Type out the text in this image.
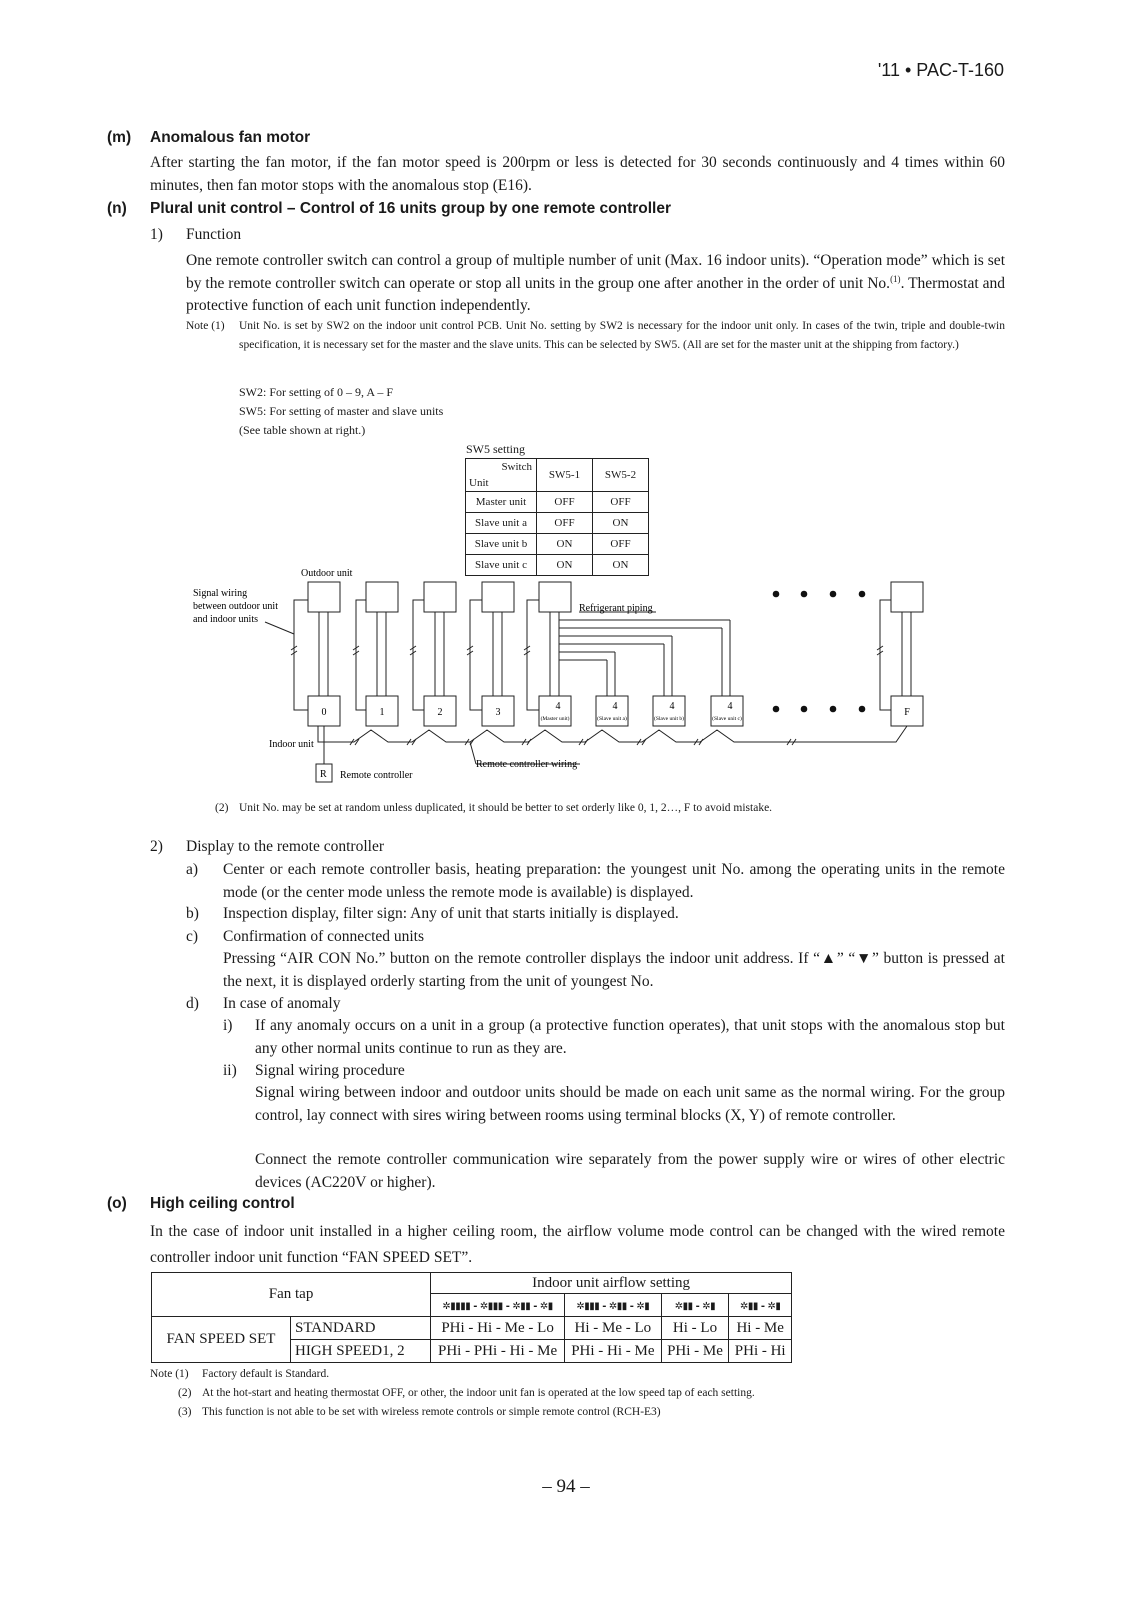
'11 • PAC-T-160
(m) Anomalous fan motor
After starting the fan motor, if the fan motor speed is 200rpm or less is detected for 30 seconds continuously and 4 times within 60 minutes, then fan motor stops with the anomalous stop (E16).
(n) Plural unit control – Control of 16 units group by one remote controller
1) Function
One remote controller switch can control a group of multiple number of unit (Max. 16 indoor units). “Operation mode” which is set by the remote controller switch can operate or stop all units in the group one after another in the order of unit No.$^{(1)}$. Thermostat and protective function of each unit function independently.
Note (1) Unit No. is set by SW2 on the indoor unit control PCB. Unit No. setting by SW2 is necessary for the indoor unit only. In cases of the twin, triple and double-twin specification, it is necessary set for the master and the slave units. This can be selected by SW5. (All are set for the master unit at the shipping from factory.)
SW2: For setting of 0 – 9, A – F
SW5: For setting of master and slave units
(See table shown at right.)
SW5 setting
Switch
Unit	SW5-1	SW5-2
Master unit	OFF	OFF
Slave unit a	OFF	ON
Slave unit b	ON	OFF
Slave unit c	ON	ON
Outdoor unit
Signal wiring
between outdoor unit
and indoor units
Refrigerant piping
Indoor unit
R Remote controller
Remote controller wiring
0	1	2	3
4	4	4	4
F
(Master unit)	(Slave unit a)	(Slave unit b)	(Slave unit c)
(2) Unit No. may be set at random unless duplicated, it should be better to set orderly like 0, 1, 2…, F to avoid mistake.
2) Display to the remote controller
a) Center or each remote controller basis, heating preparation: the youngest unit No. among the operating units in the remote mode (or the center mode unless the remote mode is available) is displayed.
b) Inspection display, filter sign: Any of unit that starts initially is displayed.
c) Confirmation of connected units
Pressing “AIR CON No.” button on the remote controller displays the indoor unit address. If “▲” “▼” button is pressed at the next, it is displayed orderly starting from the unit of youngest No.
d) In case of anomaly
i) If any anomaly occurs on a unit in a group (a protective function operates), that unit stops with the anomalous stop but any other normal units continue to run as they are.
ii) Signal wiring procedure
Signal wiring between indoor and outdoor units should be made on each unit same as the normal wiring. For the group control, lay connect with sires wiring between rooms using terminal blocks (X, Y) of remote controller.
Connect the remote controller communication wire separately from the power supply wire or wires of other electric devices (AC220V or higher).
(o) High ceiling control
In the case of indoor unit installed in a higher ceiling room, the airflow volume mode control can be changed with the wired remote controller indoor unit function “FAN SPEED SET”.
Fan tap		Indoor unit airflow setting			
		✲▮▮▮▮ - ✲▮▮▮ - ✲▮▮ - ✲▮	✲▮▮▮ - ✲▮▮ - ✲▮	✲▮▮ - ✲▮	✲▮▮ - ✲▮
FAN SPEED SET	STANDARD	PHi - Hi - Me - Lo	Hi - Me - Lo	Hi - Lo	Hi - Me
	HIGH SPEED1, 2	PHi - PHi - Hi - Me	PHi - Hi - Me	PHi - Me	PHi - Hi
Note (1) Factory default is Standard.
(2) At the hot-start and heating thermostat OFF, or other, the indoor unit fan is operated at the low speed tap of each setting.
(3) This function is not able to be set with wireless remote controls or simple remote control (RCH-E3)
– 94 –
